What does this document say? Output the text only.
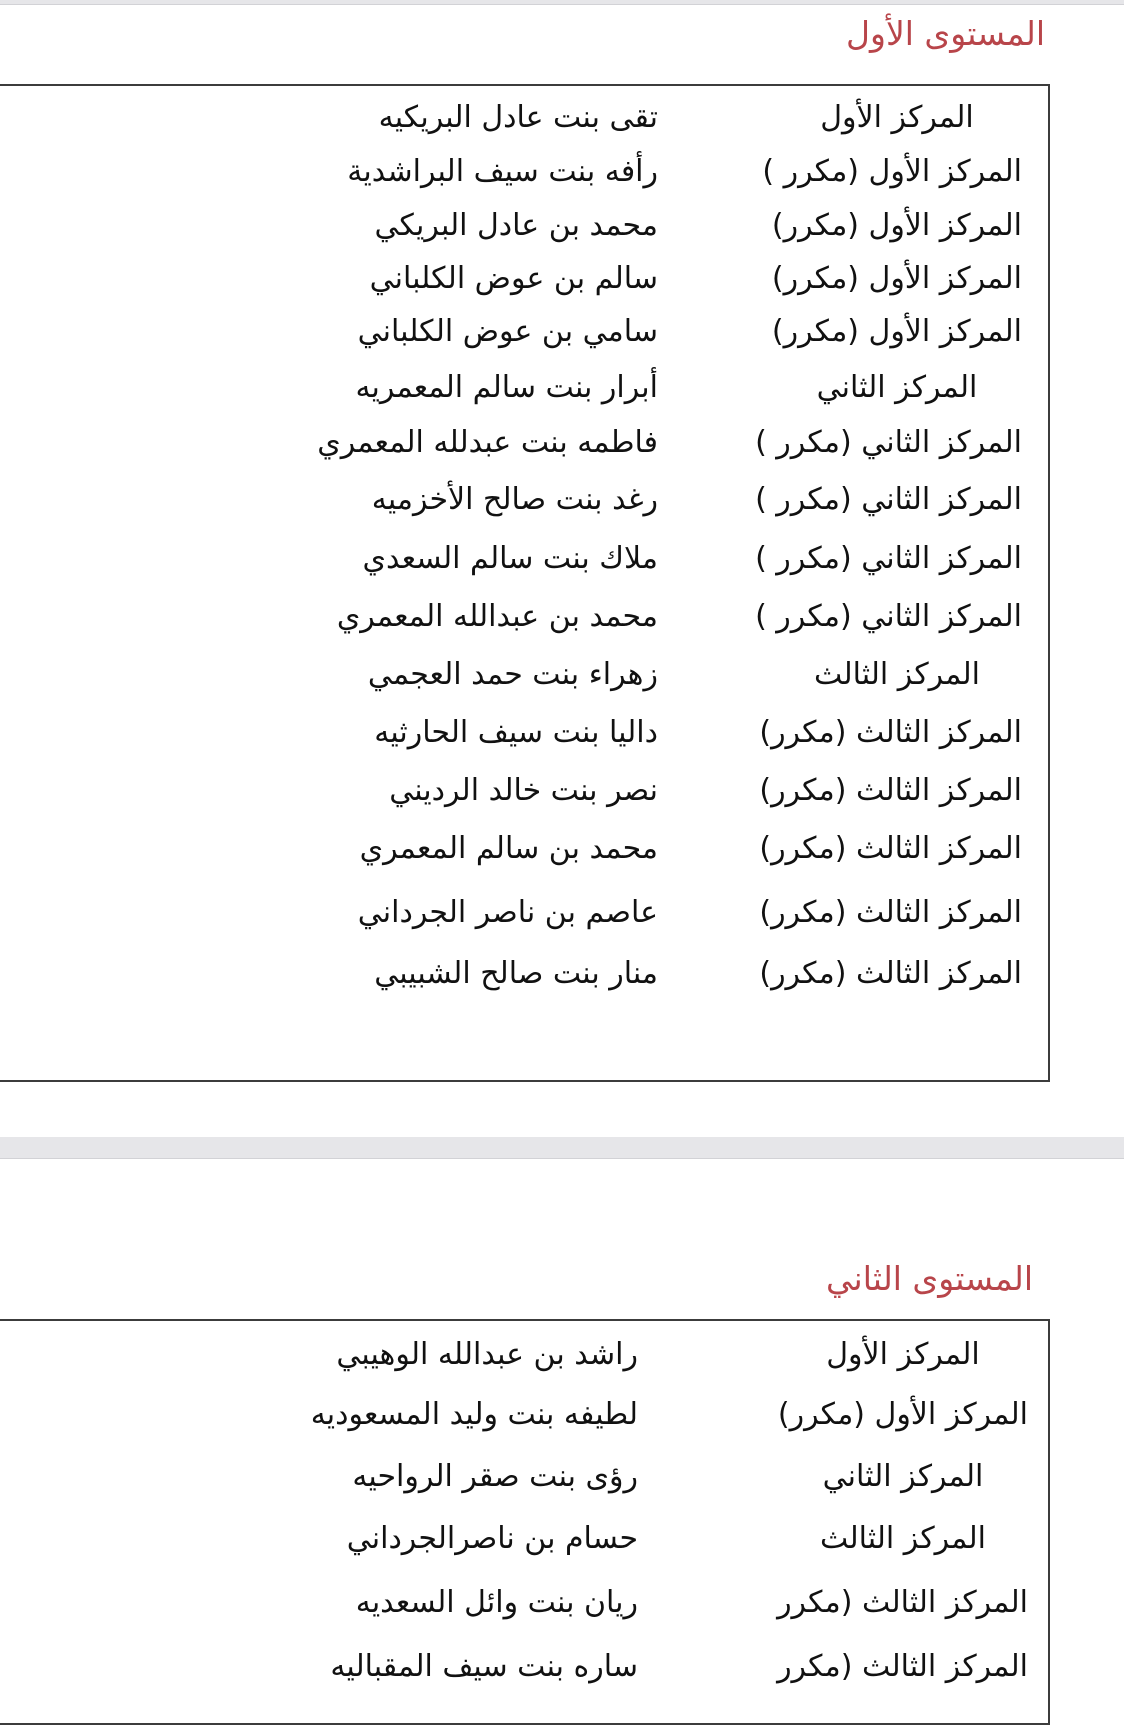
المستوى الأول
المركز الأول
تقى بنت عادل البريكيه
المركز الأول (مكرر )
رأفه بنت سيف البراشدية
المركز الأول (مكرر)
محمد بن عادل البريكي
المركز الأول (مكرر)
سالم بن عوض الكلباني
المركز الأول (مكرر)
سامي بن عوض الكلباني
المركز الثاني
أبرار بنت سالم المعمريه
المركز الثاني (مكرر )
فاطمه بنت عبدلله المعمري
المركز الثاني (مكرر )
رغد بنت صالح الأخزميه
المركز الثاني (مكرر )
ملاك بنت سالم السعدي
المركز الثاني (مكرر )
محمد بن عبدالله المعمري
المركز الثالث
زهراء بنت حمد العجمي
المركز الثالث (مكرر)
داليا بنت سيف الحارثيه
المركز الثالث (مكرر)
نصر بنت خالد الرديني
المركز الثالث (مكرر)
محمد بن سالم المعمري
المركز الثالث (مكرر)
عاصم بن ناصر الجرداني
المركز الثالث (مكرر)
منار بنت صالح الشبيبي
المستوى الثاني
المركز الأول
راشد بن عبدالله الوهيبي
المركز الأول (مكرر)
لطيفه بنت وليد المسعوديه
المركز الثاني
رؤى بنت صقر الرواحيه
المركز الثالث
حسام بن ناصرالجرداني
المركز الثالث (مكرر
ريان بنت وائل السعديه
المركز الثالث (مكرر
ساره بنت سيف المقباليه
